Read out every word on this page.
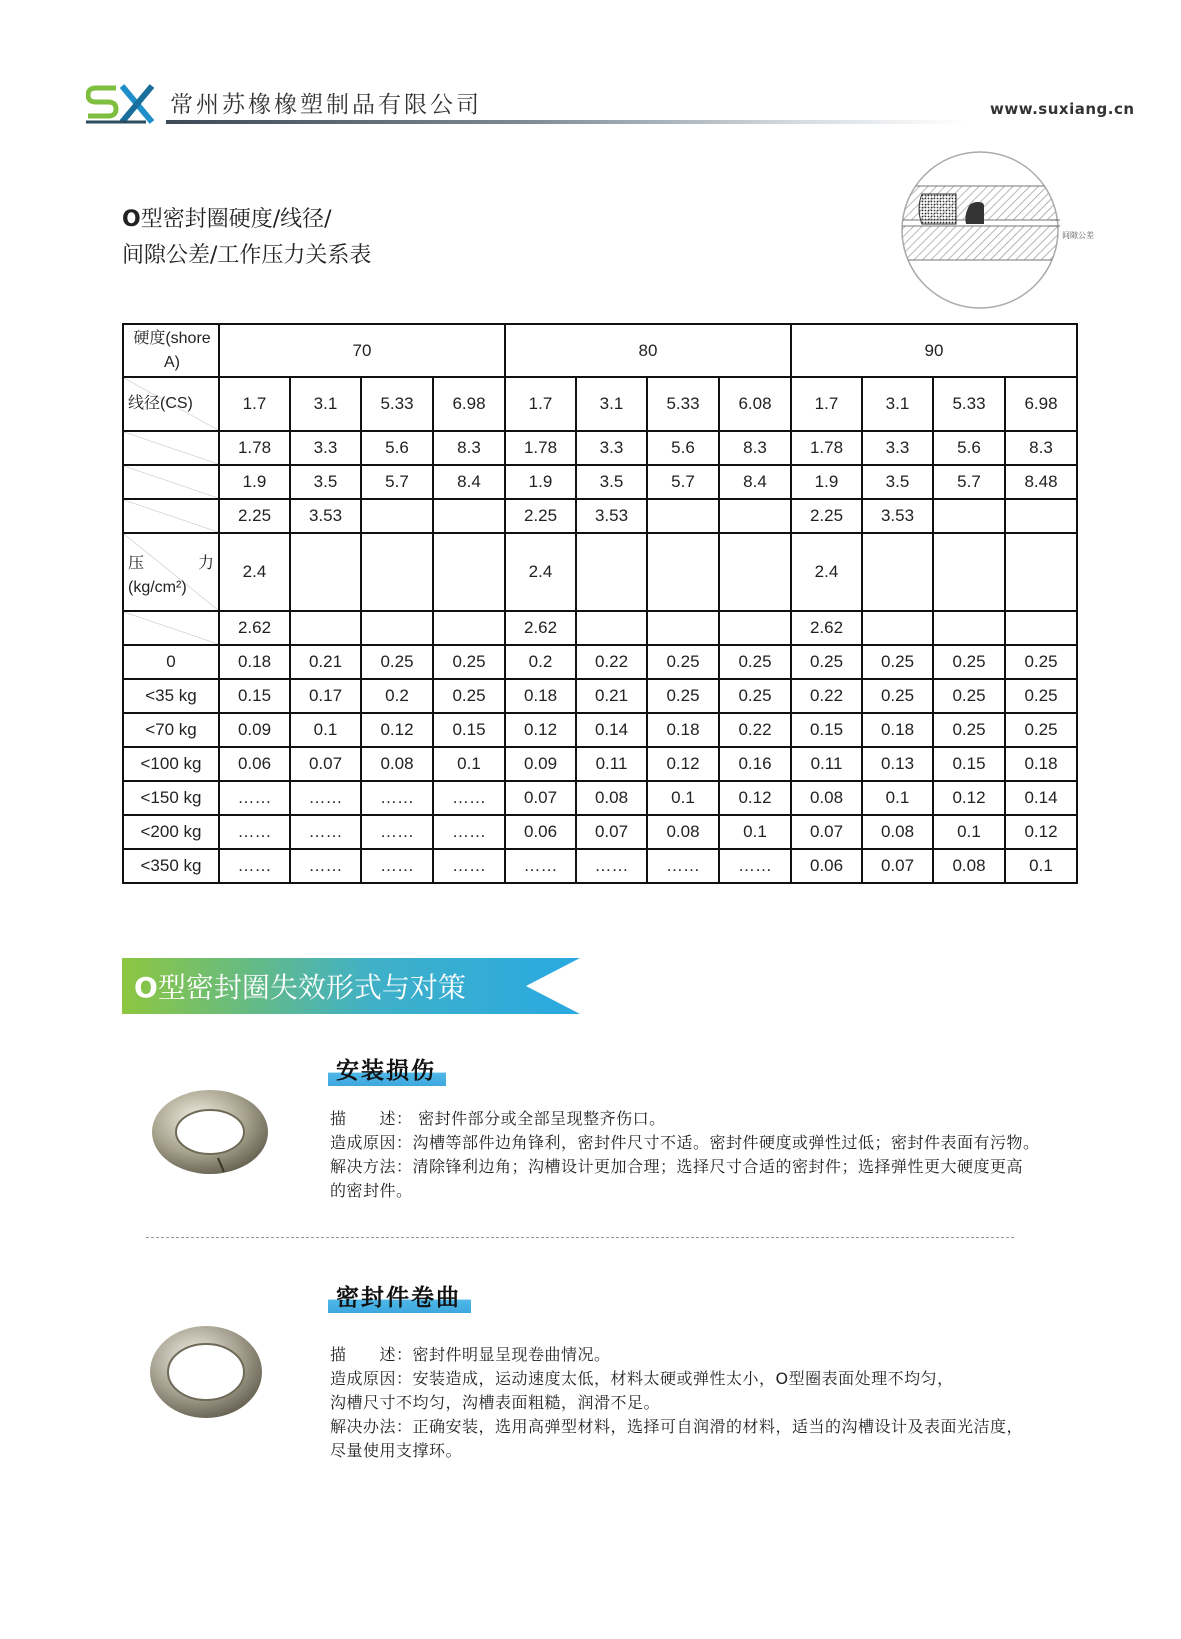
常州苏橡橡塑制品有限公司	www.suxiang.cn
O型密封圈硬度/线径/
间隙公差/工作压力关系表
间隙公差
硬度(shore A)	70				80				90			

线径(CS)	1.7	3.1	5.33	6.98	1.7	3.1	5.33	6.08	1.7	3.1	5.33	6.98
	1.78	3.3	5.6	8.3	1.78	3.3	5.6	8.3	1.78	3.3	5.6	8.3
	1.9	3.5	5.7	8.4	1.9	3.5	5.7	8.4	1.9	3.5	5.7	8.48
	2.25	3.53			2.25	3.53			2.25	3.53		

压 力
(kg/cm²)	2.4				2.4				2.4			
	2.62				2.62				2.62			
0	0.18	0.21	0.25	0.25	0.2	0.22	0.25	0.25	0.25	0.25	0.25	0.25
<35 kg	0.15	0.17	0.2	0.25	0.18	0.21	0.25	0.25	0.22	0.25	0.25	0.25
<70 kg	0.09	0.1	0.12	0.15	0.12	0.14	0.18	0.22	0.15	0.18	0.25	0.25
<100 kg	0.06	0.07	0.08	0.1	0.09	0.11	0.12	0.16	0.11	0.13	0.15	0.18
<150 kg	……	……	……	……	0.07	0.08	0.1	0.12	0.08	0.1	0.12	0.14
<200 kg	……	……	……	……	0.06	0.07	0.08	0.1	0.07	0.08	0.1	0.12
<350 kg	……	……	……	……	……	……	……	……	0.06	0.07	0.08	0.1
O型密封圈失效形式与对策
安装损伤
描　　述： 密封件部分或全部呈现整齐伤口。
造成原因：沟槽等部件边角锋利，密封件尺寸不适。密封件硬度或弹性过低；密封件表面有污物。
解决方法：清除锋利边角；沟槽设计更加合理；选择尺寸合适的密封件；选择弹性更大硬度更高
的密封件。
密封件卷曲
描　　述：密封件明显呈现卷曲情况。
造成原因：安装造成，运动速度太低，材料太硬或弹性太小，O型圈表面处理不均匀，
沟槽尺寸不均匀，沟槽表面粗糙，润滑不足。
解决办法：正确安装，选用高弹型材料，选择可自润滑的材料，适当的沟槽设计及表面光洁度，
尽量使用支撑环。
